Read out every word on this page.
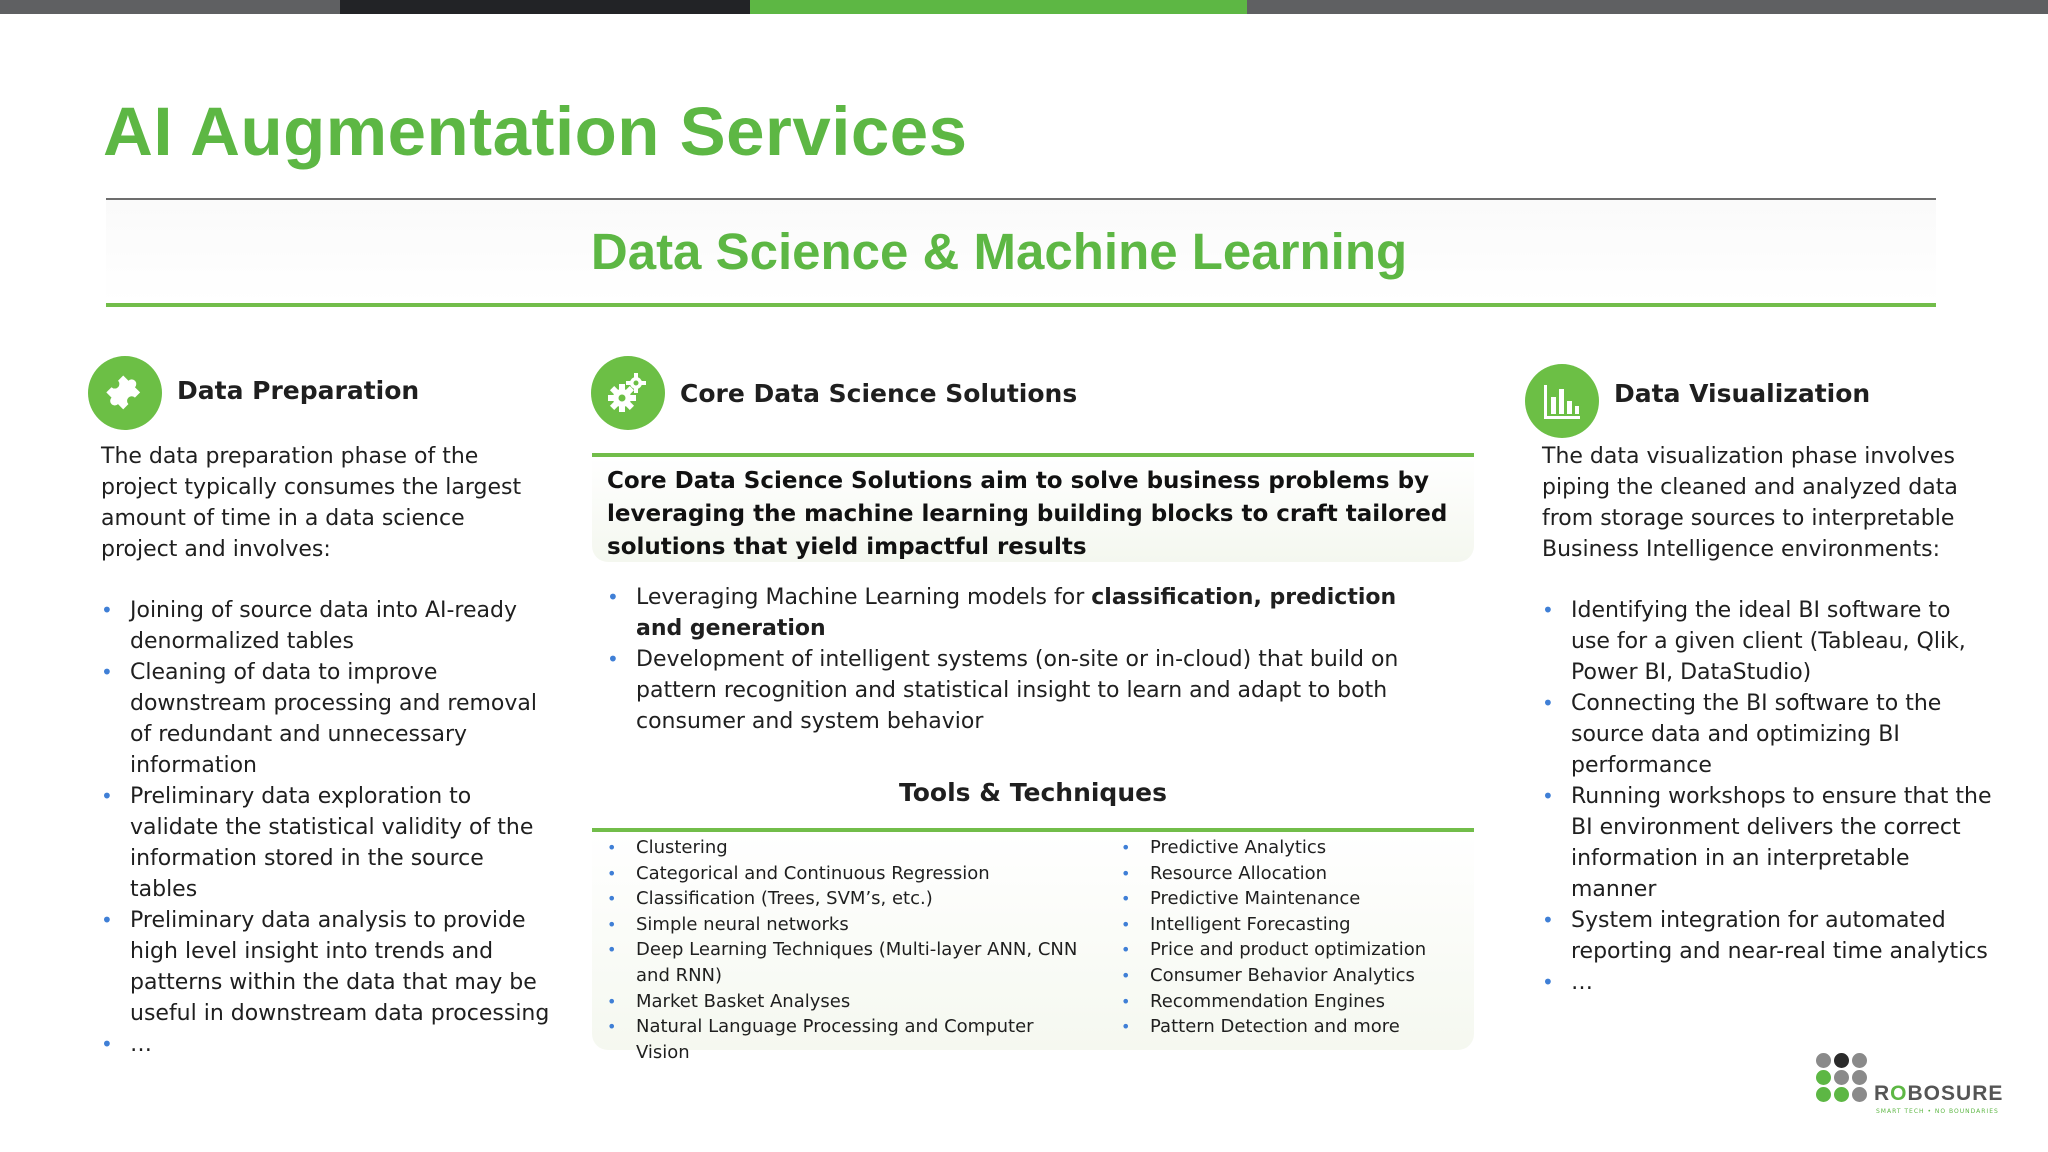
AI Augmentation Services
Data Science & Machine Learning
Data Preparation

The data preparation phase of the project typically consumes the largest amount of time in a data science project and involves:

• Joining of source data into AI-ready denormalized tables
• Cleaning of data to improve downstream processing and removal of redundant and unnecessary information
• Preliminary data exploration to validate the statistical validity of the information stored in the source tables
• Preliminary data analysis to provide high level insight into trends and patterns within the data that may be useful in downstream data processing
• …
Core Data Science Solutions

Core Data Science Solutions aim to solve business problems by leveraging the machine learning building blocks to craft tailored solutions that yield impactful results

• Leveraging Machine Learning models for classification, prediction and generation
• Development of intelligent systems (on-site or in-cloud) that build on pattern recognition and statistical insight to learn and adapt to both consumer and system behavior
Tools & Techniques
• Clustering
• Categorical and Continuous Regression
• Classification (Trees, SVM’s, etc.)
• Simple neural networks
• Deep Learning Techniques (Multi-layer ANN, CNN and RNN)
• Market Basket Analyses
• Natural Language Processing and Computer Vision
• Predictive Analytics
• Resource Allocation
• Predictive Maintenance
• Intelligent Forecasting
• Price and product optimization
• Consumer Behavior Analytics
• Recommendation Engines
• Pattern Detection and more
Data Visualization

The data visualization phase involves piping the cleaned and analyzed data from storage sources to interpretable Business Intelligence environments:

• Identifying the ideal BI software to use for a given client (Tableau, Qlik, Power BI, DataStudio)
• Connecting the BI software to the source data and optimizing BI performance
• Running workshops to ensure that the BI environment delivers the correct information in an interpretable manner
• System integration for automated reporting and near-real time analytics
• …

ROBOSURE

SMART TECH • NO BOUNDARIES
